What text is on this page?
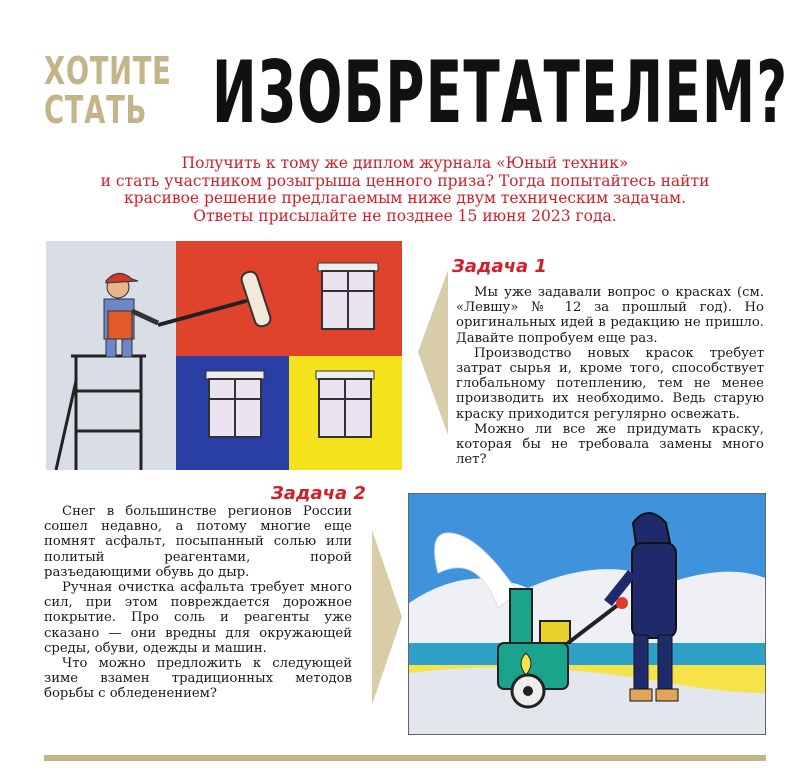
ХОТИТЕ
СТАТЬ ИЗОБРЕТАТЕЛЕМ?
Получить к тому же диплом журнала «Юный техник»
и стать участником розыгрыша ценного приза? Тогда попытайтесь найти
красивое решение предлагаемым ниже двум техническим задачам.
Ответы присылайте не позднее 15 июня 2023 года.
Задача 1

Мы уже задавали вопрос о красках (см. «Левшу» № 12 за прошлый год). Но оригинальных идей в редакцию не пришло. Давайте попробуем еще раз.

Производство новых красок требует затрат сырья и, кроме того, способствует глобальному потеплению, тем не менее производить их необходимо. Ведь старую краску приходится регулярно освежать.

Можно ли все же придумать краску, которая бы не требовала замены много лет?

Задача 2

Снег в большинстве регионов России сошел недавно, а потому многие еще помнят асфальт, посыпанный солью или политый реагентами, порой разъедающими обувь до дыр.

Ручная очистка асфальта требует много сил, при этом повреждается дорожное покрытие. Про соль и реагенты уже сказано — они вредны для окружающей среды, обуви, одежды и машин.

Что можно предложить к следующей зиме взамен традиционных методов борьбы с обледенением?
